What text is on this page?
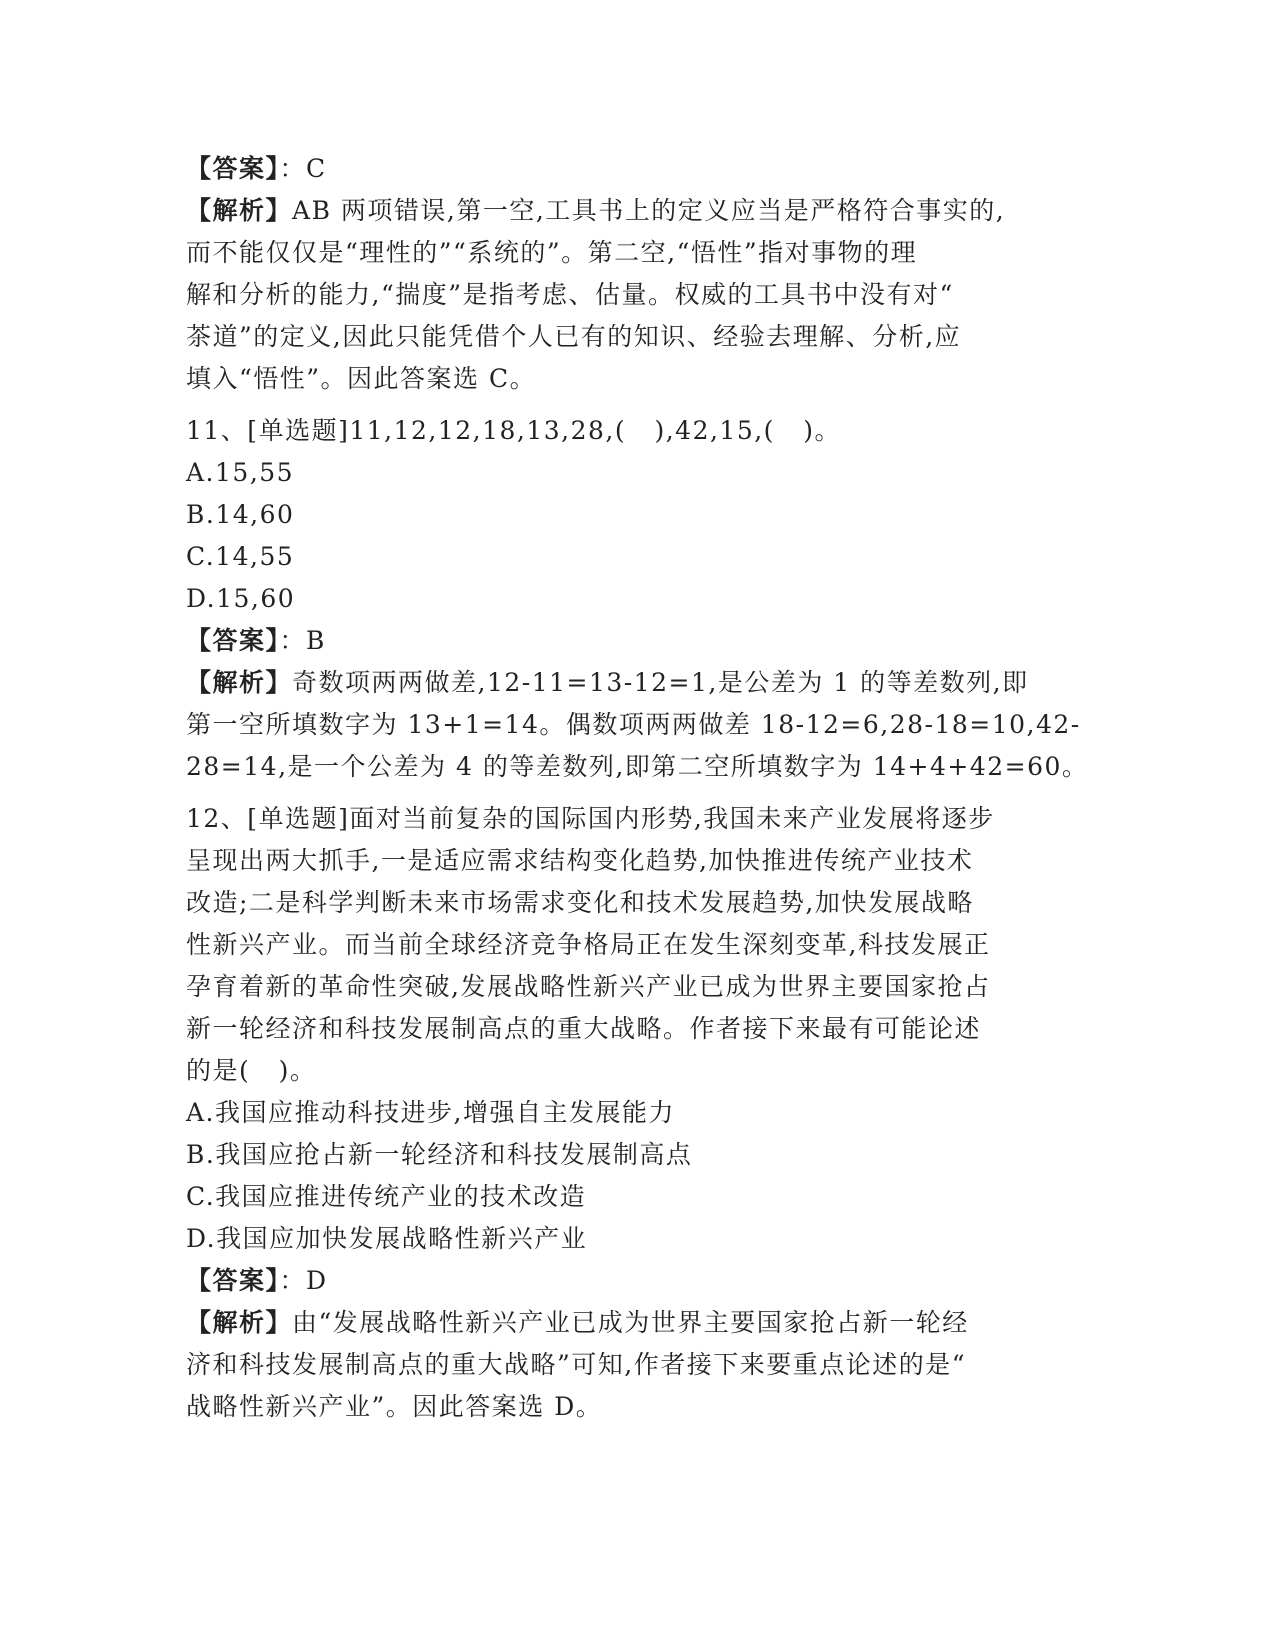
【答案】：C
【解析】AB 两项错误,第一空,工具书上的定义应当是严格符合事实的,
而不能仅仅是“理性的”“系统的”。第二空,“悟性”指对事物的理
解和分析的能力,“揣度”是指考虑、估量。权威的工具书中没有对“
茶道”的定义,因此只能凭借个人已有的知识、经验去理解、分析,应
填入“悟性”。因此答案选 C。
11、[单选题]11,12,12,18,13,28,(   ),42,15,(   )。
A.15,55
B.14,60
C.14,55
D.15,60
【答案】：B
【解析】奇数项两两做差,12-11=13-12=1,是公差为 1 的等差数列,即
第一空所填数字为 13+1=14。偶数项两两做差 18-12=6,28-18=10,42-
28=14,是一个公差为 4 的等差数列,即第二空所填数字为 14+4+42=60。
12、[单选题]面对当前复杂的国际国内形势,我国未来产业发展将逐步
呈现出两大抓手,一是适应需求结构变化趋势,加快推进传统产业技术
改造;二是科学判断未来市场需求变化和技术发展趋势,加快发展战略
性新兴产业。而当前全球经济竞争格局正在发生深刻变革,科技发展正
孕育着新的革命性突破,发展战略性新兴产业已成为世界主要国家抢占
新一轮经济和科技发展制高点的重大战略。作者接下来最有可能论述
的是(   )。
A.我国应推动科技进步,增强自主发展能力
B.我国应抢占新一轮经济和科技发展制高点
C.我国应推进传统产业的技术改造
D.我国应加快发展战略性新兴产业
【答案】：D
【解析】由“发展战略性新兴产业已成为世界主要国家抢占新一轮经
济和科技发展制高点的重大战略”可知,作者接下来要重点论述的是“
战略性新兴产业”。因此答案选 D。
